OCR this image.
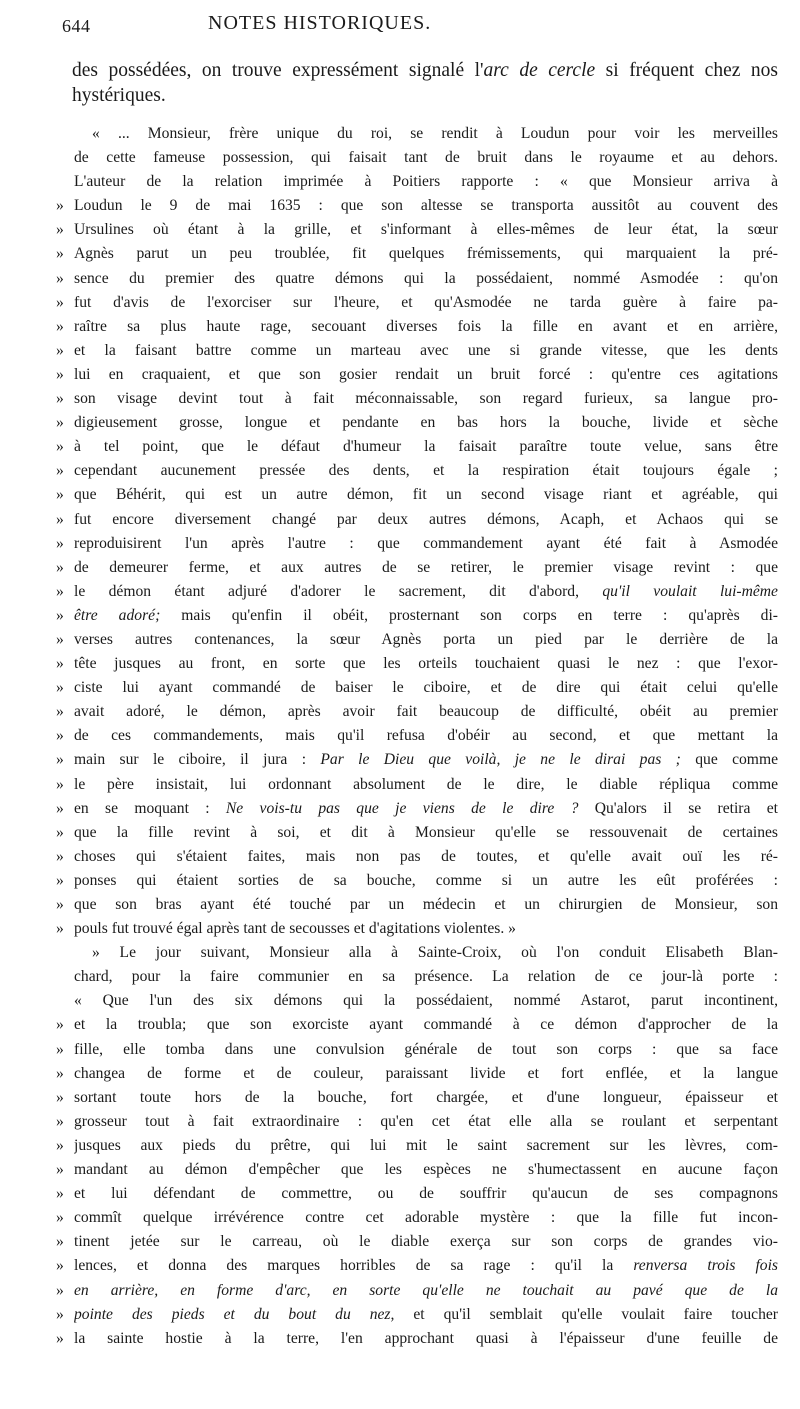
644	NOTES HISTORIQUES.

des possédées, on trouve expressément signalé l'arc de cercle si fréquent chez nos hystériques.

« ... Monsieur, frère unique du roi, se rendit à Loudun pour voir les merveilles
de cette fameuse possession, qui faisait tant de bruit dans le royaume et au dehors.
L'auteur de la relation imprimée à Poitiers rapporte : « que Monsieur arriva à
» Loudun le 9 de mai 1635 : que son altesse se transporta aussitôt au couvent des
» Ursulines où étant à la grille, et s'informant à elles-mêmes de leur état, la sœur
» Agnès parut un peu troublée, fit quelques frémissements, qui marquaient la pré-
» sence du premier des quatre démons qui la possédaient, nommé Asmodée : qu'on
» fut d'avis de l'exorciser sur l'heure, et qu'Asmodée ne tarda guère à faire pa-
» raître sa plus haute rage, secouant diverses fois la fille en avant et en arrière,
» et la faisant battre comme un marteau avec une si grande vitesse, que les dents
» lui en craquaient, et que son gosier rendait un bruit forcé : qu'entre ces agitations
» son visage devint tout à fait méconnaissable, son regard furieux, sa langue pro-
» digieusement grosse, longue et pendante en bas hors la bouche, livide et sèche
» à tel point, que le défaut d'humeur la faisait paraître toute velue, sans être
» cependant aucunement pressée des dents, et la respiration était toujours égale ;
» que Béhérit, qui est un autre démon, fit un second visage riant et agréable, qui
» fut encore diversement changé par deux autres démons, Acaph, et Achaos qui se
» reproduisirent l'un après l'autre : que commandement ayant été fait à Asmodée
» de demeurer ferme, et aux autres de se retirer, le premier visage revint : que
» le démon étant adjuré d'adorer le sacrement, dit d'abord, qu'il voulait lui-même
» être adoré; mais qu'enfin il obéit, prosternant son corps en terre : qu'après di-
» verses autres contenances, la sœur Agnès porta un pied par le derrière de la
» tête jusques au front, en sorte que les orteils touchaient quasi le nez : que l'exor-
» ciste lui ayant commandé de baiser le ciboire, et de dire qui était celui qu'elle
» avait adoré, le démon, après avoir fait beaucoup de difficulté, obéit au premier
» de ces commandements, mais qu'il refusa d'obéir au second, et que mettant la
» main sur le ciboire, il jura : Par le Dieu que voilà, je ne le dirai pas ; que comme
» le père insistait, lui ordonnant absolument de le dire, le diable répliqua comme
» en se moquant : Ne vois-tu pas que je viens de le dire ? Qu'alors il se retira et
» que la fille revint à soi, et dit à Monsieur qu'elle se ressouvenait de certaines
» choses qui s'étaient faites, mais non pas de toutes, et qu'elle avait ouï les ré-
» ponses qui étaient sorties de sa bouche, comme si un autre les eût proférées :
» que son bras ayant été touché par un médecin et un chirurgien de Monsieur, son
» pouls fut trouvé égal après tant de secousses et d'agitations violentes. »
» Le jour suivant, Monsieur alla à Sainte-Croix, où l'on conduit Elisabeth Blan-
chard, pour la faire communier en sa présence. La relation de ce jour-là porte :
« Que l'un des six démons qui la possédaient, nommé Astarot, parut incontinent,
» et la troubla; que son exorciste ayant commandé à ce démon d'approcher de la
» fille, elle tomba dans une convulsion générale de tout son corps : que sa face
» changea de forme et de couleur, paraissant livide et fort enflée, et la langue
» sortant toute hors de la bouche, fort chargée, et d'une longueur, épaisseur et
» grosseur tout à fait extraordinaire : qu'en cet état elle alla se roulant et serpentant
» jusques aux pieds du prêtre, qui lui mit le saint sacrement sur les lèvres, com-
» mandant au démon d'empêcher que les espèces ne s'humectassent en aucune façon
» et lui défendant de commettre, ou de souffrir qu'aucun de ses compagnons
» commît quelque irrévérence contre cet adorable mystère : que la fille fut incon-
» tinent jetée sur le carreau, où le diable exerça sur son corps de grandes vio-
» lences, et donna des marques horribles de sa rage : qu'il la renversa trois fois
» en arrière, en forme d'arc, en sorte qu'elle ne touchait au pavé que de la
» pointe des pieds et du bout du nez, et qu'il semblait qu'elle voulait faire toucher
» la sainte hostie à la terre, l'en approchant quasi à l'épaisseur d'une feuille de
